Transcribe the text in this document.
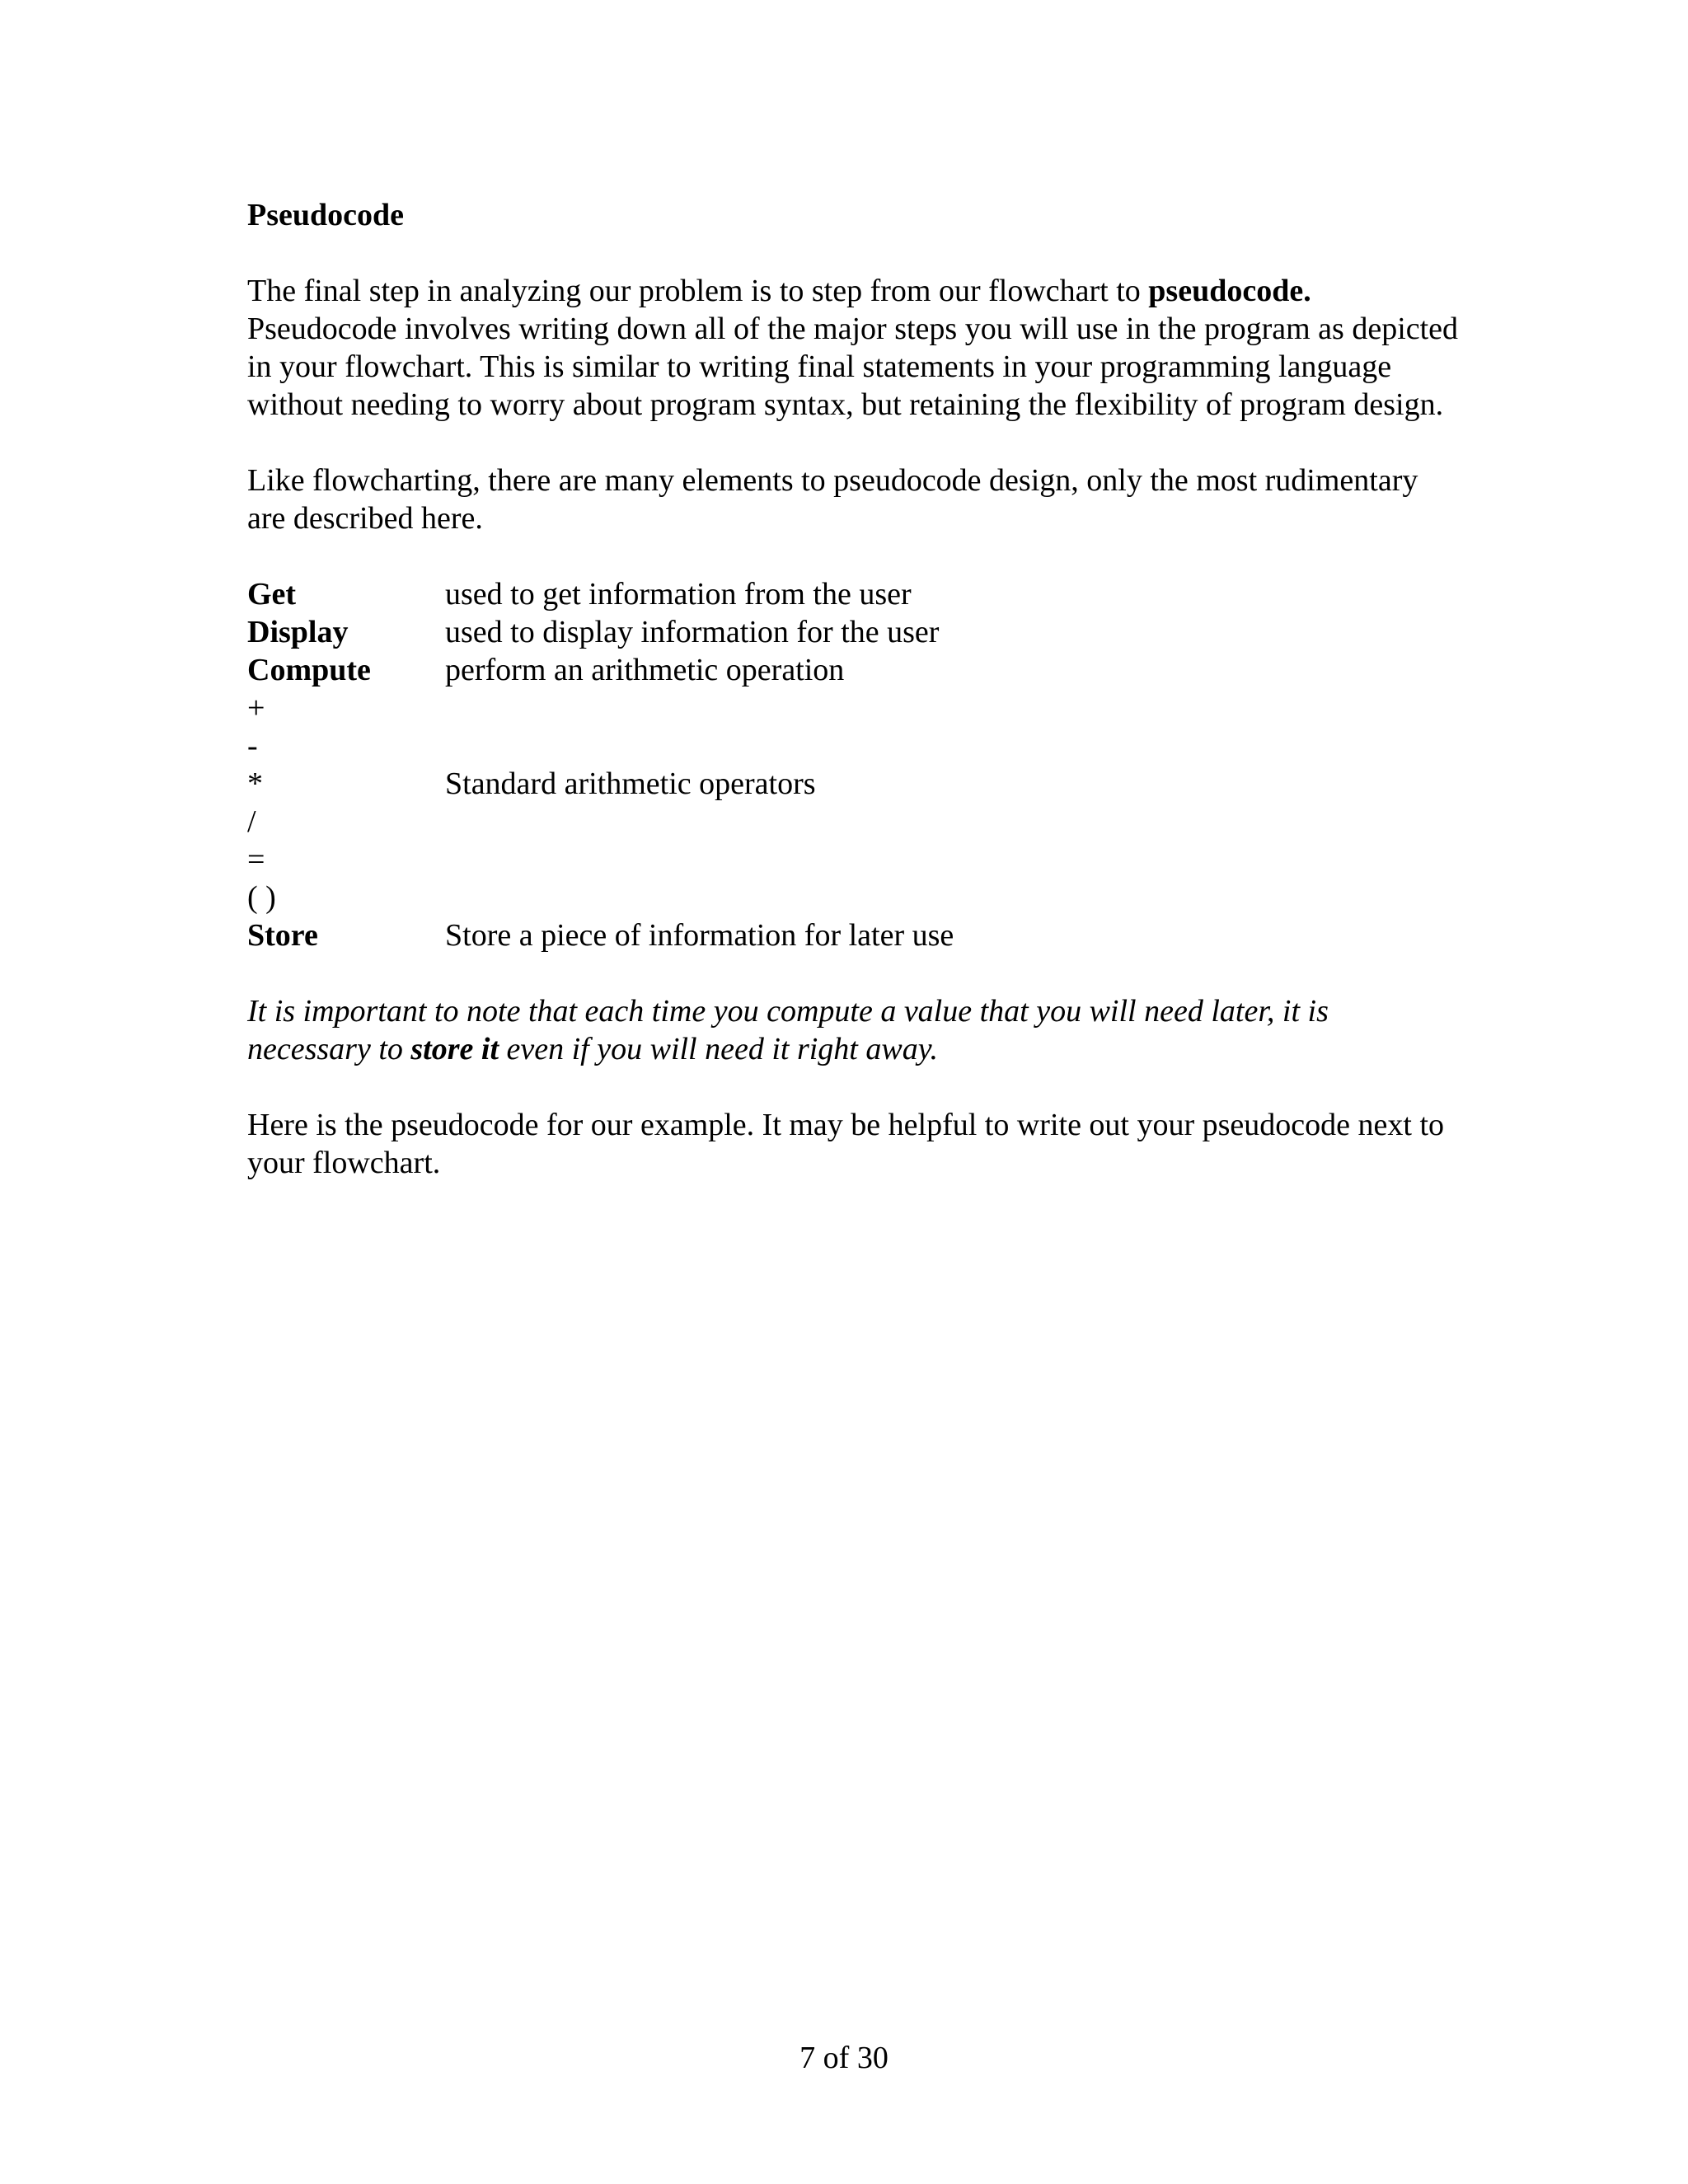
Pseudocode

The final step in analyzing our problem is to step from our flowchart to pseudocode. Pseudocode involves writing down all of the major steps you will use in the program as depicted in your flowchart. This is similar to writing final statements in your programming language without needing to worry about program syntax, but retaining the flexibility of program design.

Like flowcharting, there are many elements to pseudocode design, only the most rudimentary are described here.

Get	used to get information from the user
Display	used to display information for the user
Compute	perform an arithmetic operation
+
-
*	Standard arithmetic operators
/
=
( )
Store	Store a piece of information for later use

It is important to note that each time you compute a value that you will need later, it is necessary to store it even if you will need it right away.

Here is the pseudocode for our example. It may be helpful to write out your pseudocode next to your flowchart.

7 of 30
